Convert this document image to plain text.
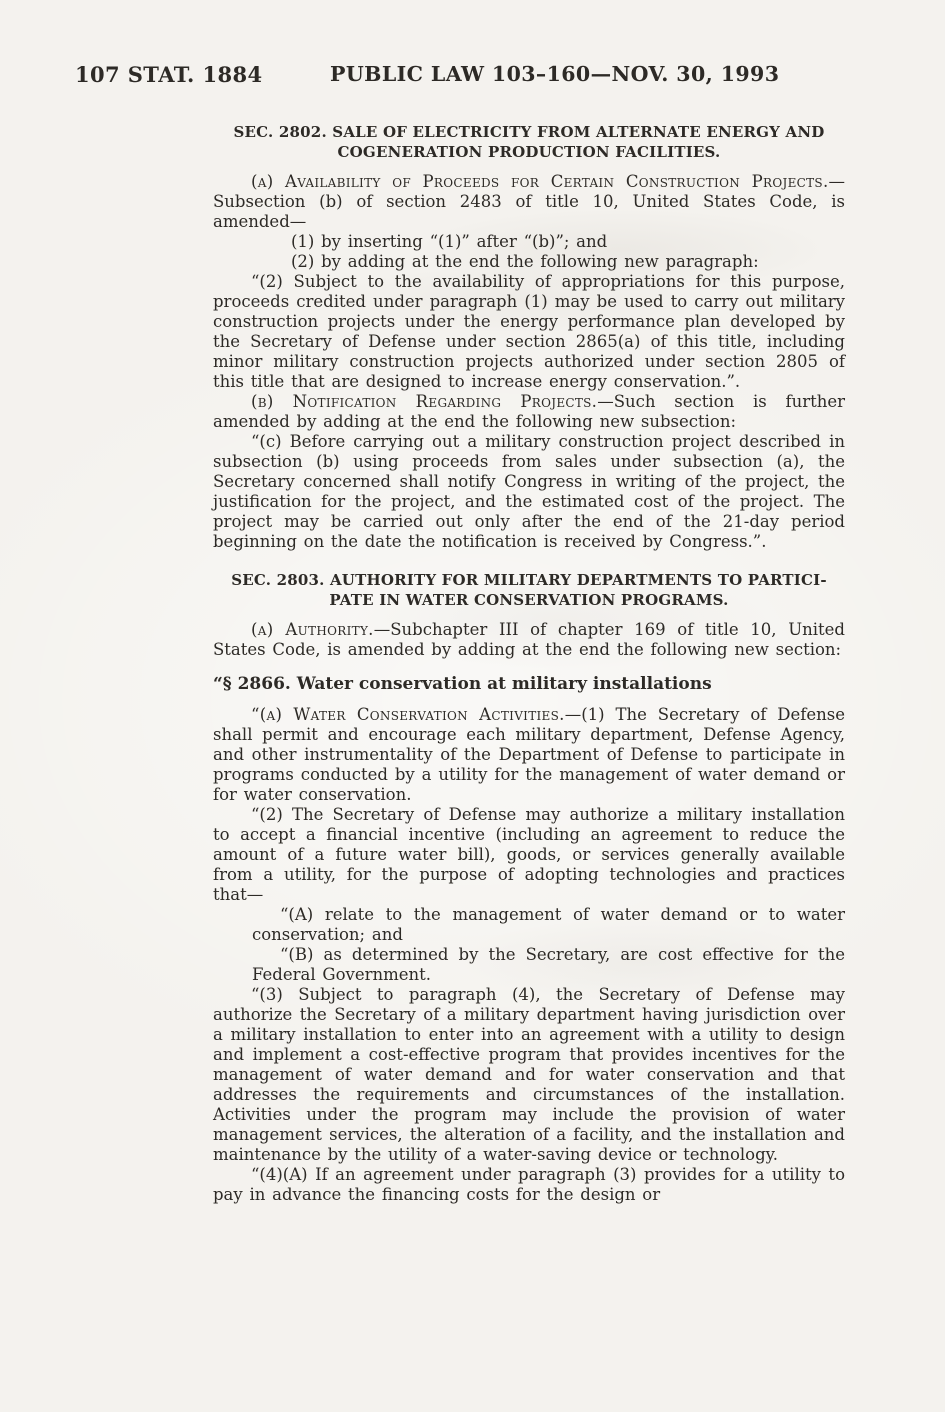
107 STAT. 1884	PUBLIC LAW 103–160—NOV. 30, 1993
SEC. 2802. SALE OF ELECTRICITY FROM ALTERNATE ENERGY AND
COGENERATION PRODUCTION FACILITIES.

(a) Availability of Proceeds for Certain Construction Projects.—Subsection (b) of section 2483 of title 10, United States Code, is amended—

(1) by inserting “(1)” after “(b)”; and

(2) by adding at the end the following new paragraph:

“(2) Subject to the availability of appropriations for this purpose, proceeds credited under paragraph (1) may be used to carry out military construction projects under the energy performance plan developed by the Secretary of Defense under section 2865(a) of this title, including minor military construction projects authorized under section 2805 of this title that are designed to increase energy conservation.”.

(b) Notification Regarding Projects.—Such section is further amended by adding at the end the following new subsection:

“(c) Before carrying out a military construction project described in subsection (b) using proceeds from sales under subsection (a), the Secretary concerned shall notify Congress in writing of the project, the justification for the project, and the estimated cost of the project. The project may be carried out only after the end of the 21-day period beginning on the date the notification is received by Congress.”.

SEC. 2803. AUTHORITY FOR MILITARY DEPARTMENTS TO PARTICI-
PATE IN WATER CONSERVATION PROGRAMS.

(a) Authority.—Subchapter III of chapter 169 of title 10, United States Code, is amended by adding at the end the following new section:

“§ 2866. Water conservation at military installations

“(a) Water Conservation Activities.—(1) The Secretary of Defense shall permit and encourage each military department, Defense Agency, and other instrumentality of the Department of Defense to participate in programs conducted by a utility for the management of water demand or for water conservation.

“(2) The Secretary of Defense may authorize a military installation to accept a financial incentive (including an agreement to reduce the amount of a future water bill), goods, or services generally available from a utility, for the purpose of adopting technologies and practices that—

“(A) relate to the management of water demand or to water conservation; and

“(B) as determined by the Secretary, are cost effective for the Federal Government.

“(3) Subject to paragraph (4), the Secretary of Defense may authorize the Secretary of a military department having jurisdiction over a military installation to enter into an agreement with a utility to design and implement a cost-effective program that provides incentives for the management of water demand and for water conservation and that addresses the requirements and circumstances of the installation. Activities under the program may include the provision of water management services, the alteration of a facility, and the installation and maintenance by the utility of a water-saving device or technology.

“(4)(A) If an agreement under paragraph (3) provides for a utility to pay in advance the financing costs for the design or
